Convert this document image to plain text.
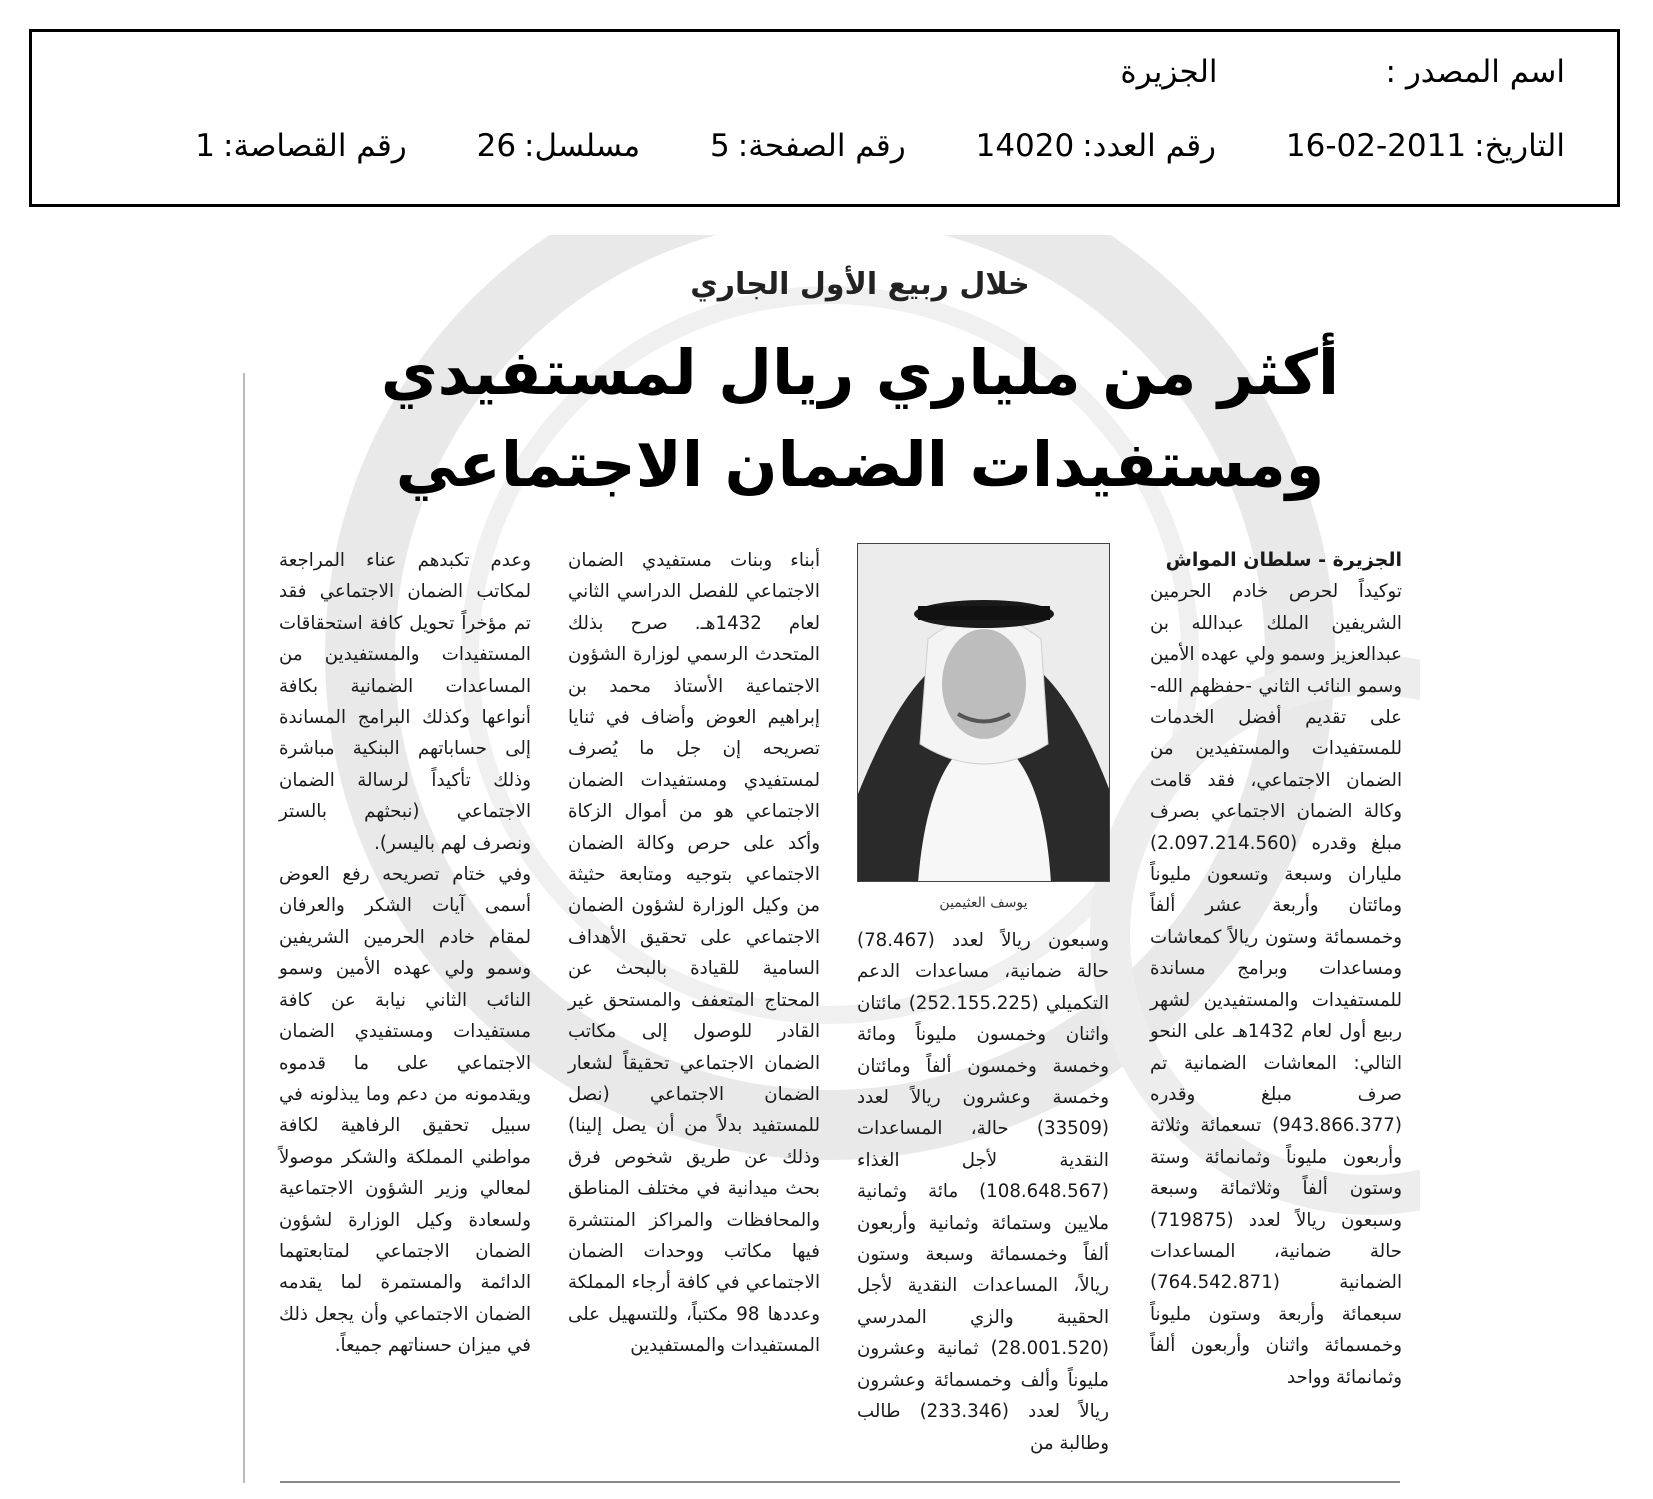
اسم المصدر :الجزيرة
التاريخ:2011-02-16 رقم العدد:14020 رقم الصفحة:5 مسلسل:26 رقم القصاصة:1
خلال ربيع الأول الجاري
أكثر من ملياري ريال لمستفيدي
ومستفيدات الضمان الاجتماعي

الجزيرة - سلطان المواش

توكيداً لحرص خادم الحرمين الشريفين الملك عبدالله بن عبدالعزيز وسمو ولي عهده الأمين وسمو النائب الثاني -حفظهم الله- على تقديم أفضل الخدمات للمستفيدات والمستفيدين من الضمان الاجتماعي، فقد قامت وكالة الضمان الاجتماعي بصرف مبلغ وقدره (2.097.214.560) ملياران وسبعة وتسعون مليوناً ومائتان وأربعة عشر ألفاً وخمسمائة وستون ريالاً كمعاشات ومساعدات وبرامج مساندة للمستفيدات والمستفيدين لشهر ربيع أول لعام 1432هـ على النحو التالي: المعاشات الضمانية تم صرف مبلغ وقدره (943.866.377) تسعمائة وثلاثة وأربعون مليوناً وثمانمائة وستة وستون ألفاً وثلاثمائة وسبعة وسبعون ريالاً لعدد (719875) حالة ضمانية، المساعدات الضمانية (764.542.871) سبعمائة وأربعة وستون مليوناً وخمسمائة واثنان وأربعون ألفاً وثمانمائة وواحد

يوسف العثيمين

وسبعون ريالاً لعدد (78.467) حالة ضمانية، مساعدات الدعم التكميلي (252.155.225) مائتان واثنان وخمسون مليوناً ومائة وخمسة وخمسون ألفاً ومائتان وخمسة وعشرون ريالاً لعدد (33509) حالة، المساعدات النقدية لأجل الغذاء (108.648.567) مائة وثمانية ملايين وستمائة وثمانية وأربعون ألفاً وخمسمائة وسبعة وستون ريالاً، المساعدات النقدية لأجل الحقيبة والزي المدرسي (28.001.520) ثمانية وعشرون مليوناً وألف وخمسمائة وعشرون ريالاً لعدد (233.346) طالب وطالبة من

أبناء وبنات مستفيدي الضمان الاجتماعي للفصل الدراسي الثاني لعام 1432هـ. صرح بذلك المتحدث الرسمي لوزارة الشؤون الاجتماعية الأستاذ محمد بن إبراهيم العوض وأضاف في ثنايا تصريحه إن جل ما يُصرف لمستفيدي ومستفيدات الضمان الاجتماعي هو من أموال الزكاة وأكد على حرص وكالة الضمان الاجتماعي بتوجيه ومتابعة حثيثة من وكيل الوزارة لشؤون الضمان الاجتماعي على تحقيق الأهداف السامية للقيادة بالبحث عن المحتاج المتعفف والمستحق غير القادر للوصول إلى مكاتب الضمان الاجتماعي تحقيقاً لشعار الضمان الاجتماعي (نصل للمستفيد بدلاً من أن يصل إلينا) وذلك عن طريق شخوص فرق بحث ميدانية في مختلف المناطق والمحافظات والمراكز المنتشرة فيها مكاتب ووحدات الضمان الاجتماعي في كافة أرجاء المملكة وعددها 98 مكتباً، وللتسهيل على المستفيدات والمستفيدين

وعدم تكبدهم عناء المراجعة لمكاتب الضمان الاجتماعي فقد تم مؤخراً تحويل كافة استحقاقات المستفيدات والمستفيدين من المساعدات الضمانية بكافة أنواعها وكذلك البرامج المساندة إلى حساباتهم البنكية مباشرة وذلك تأكيداً لرسالة الضمان الاجتماعي (نبحثهم بالستر ونصرف لهم باليسر).

وفي ختام تصريحه رفع العوض أسمى آيات الشكر والعرفان لمقام خادم الحرمين الشريفين وسمو ولي عهده الأمين وسمو النائب الثاني نيابة عن كافة مستفيدات ومستفيدي الضمان الاجتماعي على ما قدموه ويقدمونه من دعم وما يبذلونه في سبيل تحقيق الرفاهية لكافة مواطني المملكة والشكر موصولاً لمعالي وزير الشؤون الاجتماعية ولسعادة وكيل الوزارة لشؤون الضمان الاجتماعي لمتابعتهما الدائمة والمستمرة لما يقدمه الضمان الاجتماعي وأن يجعل ذلك في ميزان حسناتهم جميعاً.
